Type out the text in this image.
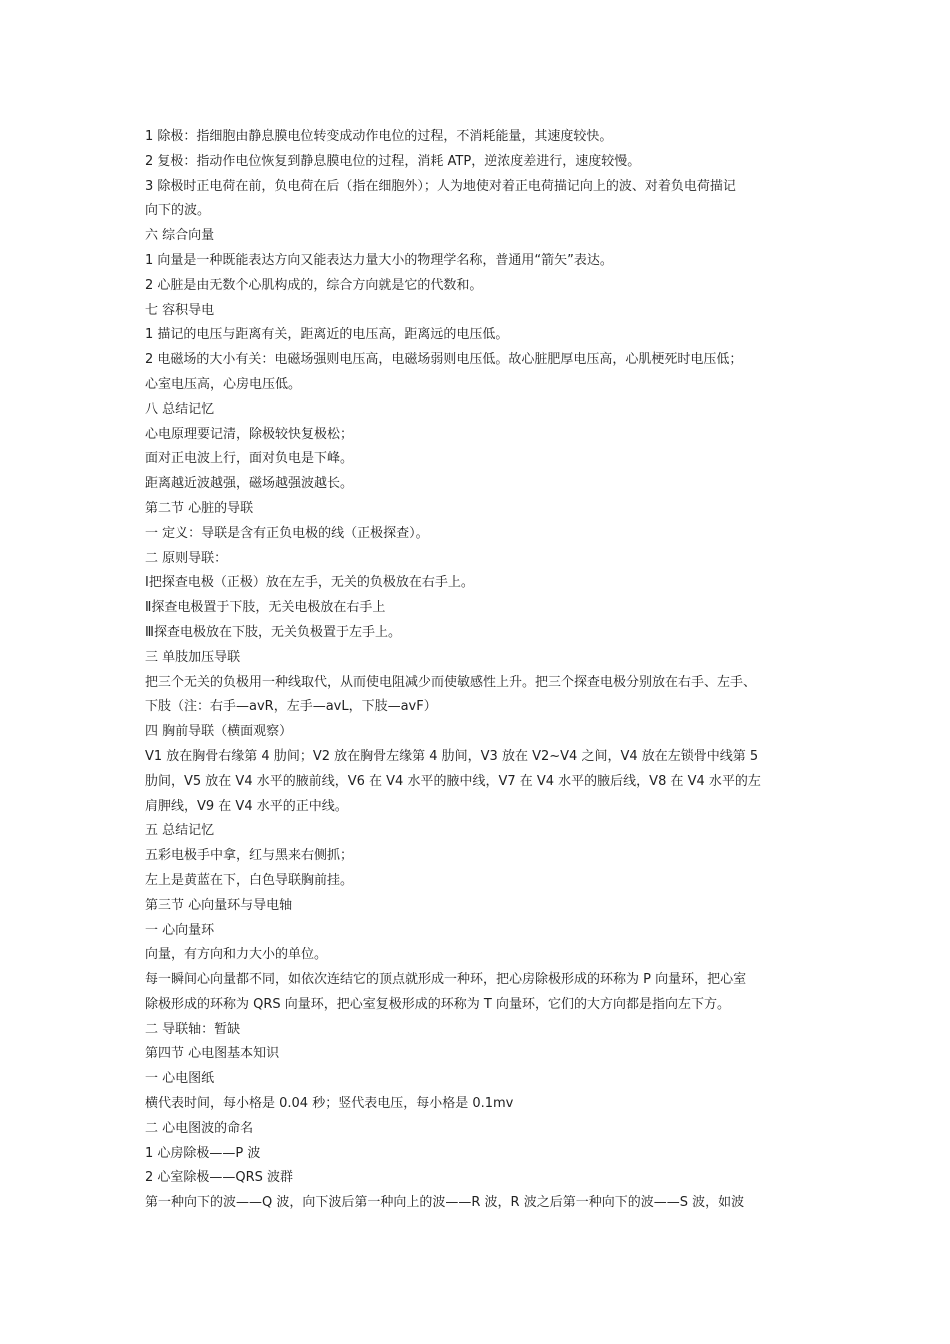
1 除极：指细胞由静息膜电位转变成动作电位的过程，不消耗能量，其速度较快。
2 复极：指动作电位恢复到静息膜电位的过程，消耗 ATP，逆浓度差进行，速度较慢。
3 除极时正电荷在前，负电荷在后（指在细胞外）；人为地使对着正电荷描记向上的波、对着负电荷描记
向下的波。
六 综合向量
1 向量是一种既能表达方向又能表达力量大小的物理学名称，普通用“箭矢”表达。
2 心脏是由无数个心肌构成的，综合方向就是它的代数和。
七 容积导电
1 描记的电压与距离有关，距离近的电压高，距离远的电压低。
2 电磁场的大小有关：电磁场强则电压高，电磁场弱则电压低。故心脏肥厚电压高，心肌梗死时电压低；
心室电压高，心房电压低。
八 总结记忆
心电原理要记清，除极较快复极松；
面对正电波上行，面对负电是下峰。
距离越近波越强，磁场越强波越长。
第二节 心脏的导联
一 定义：导联是含有正负电极的线（正极探查）。
二 原则导联：
Ⅰ把探查电极（正极）放在左手，无关的负极放在右手上。
Ⅱ探查电极置于下肢，无关电极放在右手上
Ⅲ探查电极放在下肢，无关负极置于左手上。
三 单肢加压导联
把三个无关的负极用一种线取代，从而使电阻减少而使敏感性上升。把三个探查电极分别放在右手、左手、
下肢（注：右手—avR，左手—avL，下肢—avF）
四 胸前导联（横面观察）
V1 放在胸骨右缘第 4 肋间；V2 放在胸骨左缘第 4 肋间，V3 放在 V2~V4 之间，V4 放在左锁骨中线第 5
肋间，V5 放在 V4 水平的腋前线，V6 在 V4 水平的腋中线，V7 在 V4 水平的腋后线，V8 在 V4 水平的左
肩胛线，V9 在 V4 水平的正中线。
五 总结记忆
五彩电极手中拿，红与黑来右侧抓；
左上是黄蓝在下，白色导联胸前挂。
第三节 心向量环与导电轴
一 心向量环
向量，有方向和力大小的单位。
每一瞬间心向量都不同，如依次连结它的顶点就形成一种环，把心房除极形成的环称为 P 向量环，把心室
除极形成的环称为 QRS 向量环，把心室复极形成的环称为 T 向量环，它们的大方向都是指向左下方。
二 导联轴：暂缺
第四节 心电图基本知识
一 心电图纸
横代表时间，每小格是 0.04 秒；竖代表电压，每小格是 0.1mv
二 心电图波的命名
1 心房除极——P 波
2 心室除极——QRS 波群
第一种向下的波——Q 波，向下波后第一种向上的波——R 波，R 波之后第一种向下的波——S 波，如波
